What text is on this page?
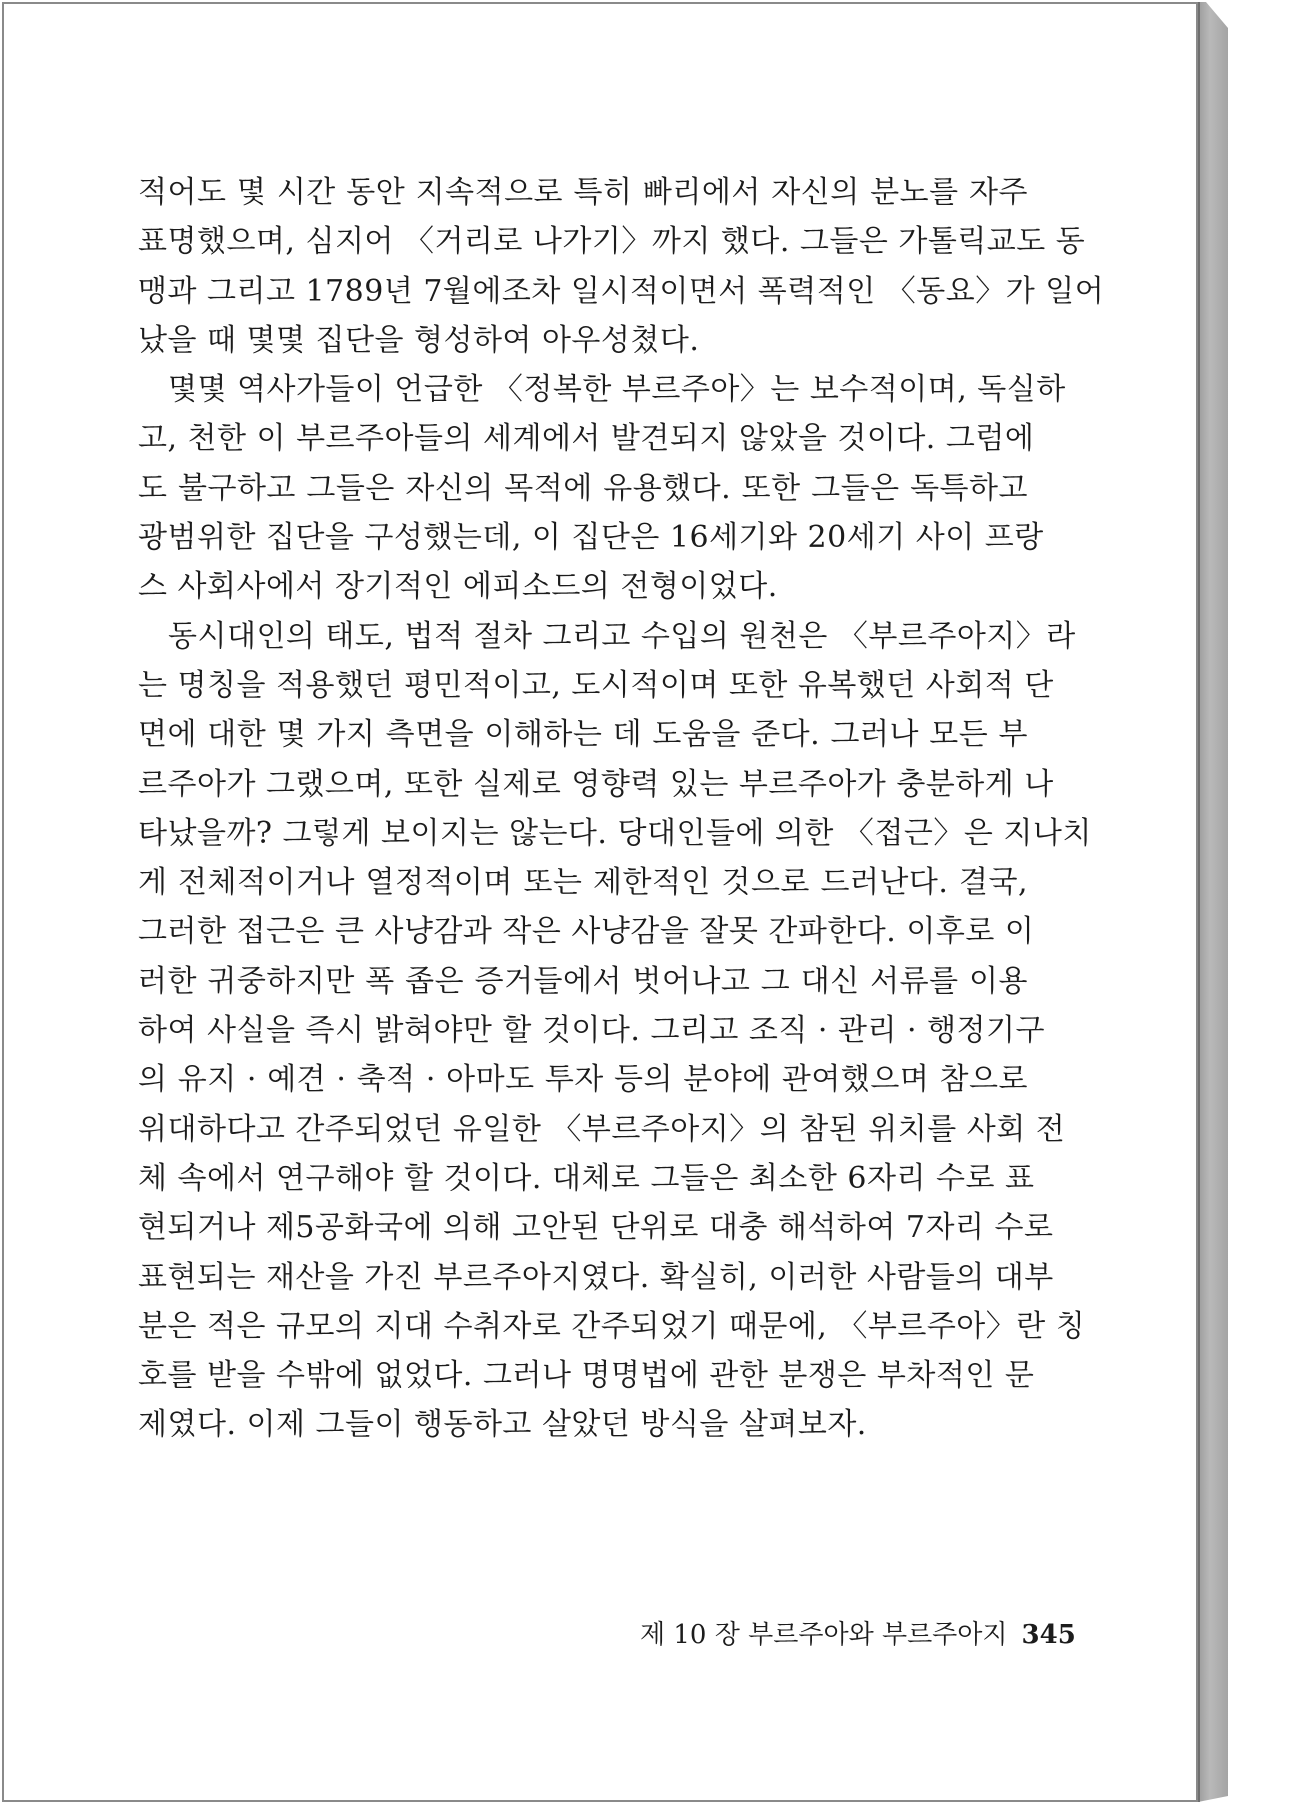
적어도 몇 시간 동안 지속적으로 특히 빠리에서 자신의 분노를 자주
표명했으며, 심지어 〈거리로 나가기〉까지 했다. 그들은 가톨릭교도 동
맹과 그리고 1789년 7월에조차 일시적이면서 폭력적인 〈동요〉가 일어
났을 때 몇몇 집단을 형성하여 아우성쳤다.
몇몇 역사가들이 언급한 〈정복한 부르주아〉는 보수적이며, 독실하
고, 천한 이 부르주아들의 세계에서 발견되지 않았을 것이다. 그럼에
도 불구하고 그들은 자신의 목적에 유용했다. 또한 그들은 독특하고
광범위한 집단을 구성했는데, 이 집단은 16세기와 20세기 사이 프랑
스 사회사에서 장기적인 에피소드의 전형이었다.
동시대인의 태도, 법적 절차 그리고 수입의 원천은 〈부르주아지〉라
는 명칭을 적용했던 평민적이고, 도시적이며 또한 유복했던 사회적 단
면에 대한 몇 가지 측면을 이해하는 데 도움을 준다. 그러나 모든 부
르주아가 그랬으며, 또한 실제로 영향력 있는 부르주아가 충분하게 나
타났을까? 그렇게 보이지는 않는다. 당대인들에 의한 〈접근〉은 지나치
게 전체적이거나 열정적이며 또는 제한적인 것으로 드러난다. 결국,
그러한 접근은 큰 사냥감과 작은 사냥감을 잘못 간파한다. 이후로 이
러한 귀중하지만 폭 좁은 증거들에서 벗어나고 그 대신 서류를 이용
하여 사실을 즉시 밝혀야만 할 것이다. 그리고 조직 · 관리 · 행정기구
의 유지 · 예견 · 축적 · 아마도 투자 등의 분야에 관여했으며 참으로
위대하다고 간주되었던 유일한 〈부르주아지〉의 참된 위치를 사회 전
체 속에서 연구해야 할 것이다. 대체로 그들은 최소한 6자리 수로 표
현되거나 제5공화국에 의해 고안된 단위로 대충 해석하여 7자리 수로
표현되는 재산을 가진 부르주아지였다. 확실히, 이러한 사람들의 대부
분은 적은 규모의 지대 수취자로 간주되었기 때문에, 〈부르주아〉란 칭
호를 받을 수밖에 없었다. 그러나 명명법에 관한 분쟁은 부차적인 문
제였다. 이제 그들이 행동하고 살았던 방식을 살펴보자.
제 10 장 부르주아와 부르주아지 345
